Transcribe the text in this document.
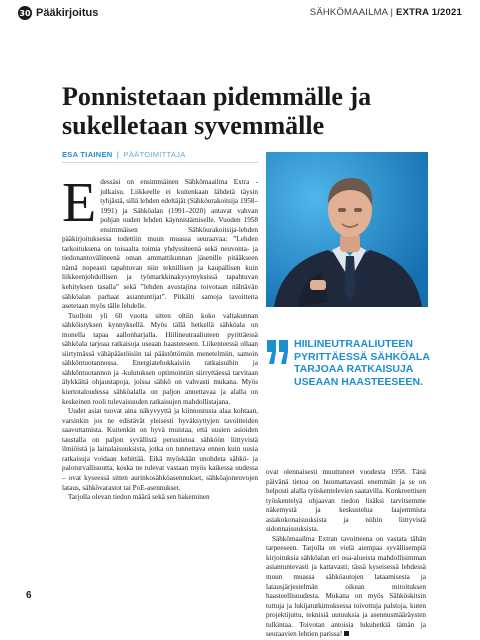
30 Pääkirjoitus	SÄHKÖMAAILMA | EXTRA 1/2021
Ponnistetaan pidemmälle ja sukelletaan syvemmälle
ESA TIAINEN | PÄÄTOIMITTAJA

Edessäsi on ensimmäinen Sähkömaailma Extra -julkaisu. Liikkeelle ei kuitenkaan lähdetä täysin tyhjästä, sillä lehden edeltäjät (Sähköurakoitsija 1958–1991) ja Sähköalan (1991–2020) antavat vahvan pohjan uuden lehden käynnistämiselle. Vuoden 1958 ensimmäisen Sähköurakoitsija-lehden pääkirjoituksessa todettiin muun muassa seuraavaa: ”Lehden tarkoituksena on toisaalta toimia yhdyssiteenä sekä neuvonta- ja tiedonantovälineenä oman ammattikunnan jäsenille pitääkseen nämä nopeasti tapahtuvan niin teknillisen ja kaupallisen kuin liikkeenjohdollisen ja työmarkkinakysymyksissä tapahtuvan kehityksen tasalla” sekä ”lehden avustajina toivotaan nähtävän sähköalan parhaat asiantuntijat”. Pitkälti samoja tavoitteita asetetaan myös tälle lehdelle.

Tuolloin yli 60 vuotta sitten oltiin koko valtakunnan sähköistyksen kynnyksellä. Myös tällä hetkellä sähköala on monella tapaa aallonharjalla. Hiilineutraaliuteen pyrittäessä sähköala tarjoaa ratkaisuja useaan haasteeseen. Liikenteessä ollaan siirtymässä vähäpäästöisiin tai päästöttömiin menetelmiin, samoin sähköntuotannossa. Energiatehokkaisiin ratkaisuihin ja sähköntuotannon ja -kulutuksen optimointiin siirryttäessä tarvitaan älykkäitä ohjaustapoja, joissa sähkö on vahvasti mukana. Myös kiertotaloudessa sähköalalla on paljon annettavaa ja alalla on keskeinen rooli tulevaisuuden ratkaisujen mahdollistajana.

Uudet asiat tuovat aina näkyvyyttä ja kiinnostusta alaa kohtaan, varsinkin jos ne edistävät yleisesti hyväksyttyjen tavoitteiden saavuttamista. Kuitenkin on hyvä muistaa, että uusien asioiden taustalla on paljon syvällistä perustietoa sähköön liittyvistä ilmiöistä ja lainalaisuuksista, jotka on tunnettava ennen kuin uusia ratkaisuja voidaan kehittää. Eikä myöskään unohdeta sähkö- ja paloturvallisuutta, koska ne tulevat vastaan myös kaikessa uudessa – ovat kyseessä sitten aurinkosähköasennukset, sähköajoneuvojen lataus, sähkövarastot tai PoE-asennukset.

Tarjolla olevan tiedon määrä sekä sen hakeminen

HIILINEUTRAALIUTEEN PYRITTÄESSÄ SÄHKÖALA TARJOAA RATKAISUJA USEAAN HAASTEESEEN.

ovat olennaisesti muuttuneet vuodesta 1958. Tänä päivänä tietoa on huomattavasti enemmän ja se on helposti alalla työskentelevien saatavilla. Konkreettisen työskentelyä ohjaavan tiedon lisäksi tarvitsemme näkemystä ja keskustelua laajemmista asiakokonaisuuksista ja niihin liittyvistä sidonnaisuuksista.

Sähkömaailma Extran tavoitteena on vastata tähän tarpeeseen. Tarjolla on vielä aiempaa syvällisempiä kirjoituksia sähköalan eri osa-alueista mahdollisimman asiantuntevasti ja kattavasti; tässä kyseisessä lehdessä muun muassa sähköautojen lataamisesta ja latausjärjestelmän oikean mitoituksen haasteellisuudesta. Mukana on myös Sähköskitsin tuttuja ja lukijatutkimuksessa toivottuja palstoja, kuten projektijuttu, teknisiä uutuuksia ja asennusmääräysten tulkintaa. Toivotan antoisia lukuhetkiä tämän ja seuraavien lehtien parissa!

6
